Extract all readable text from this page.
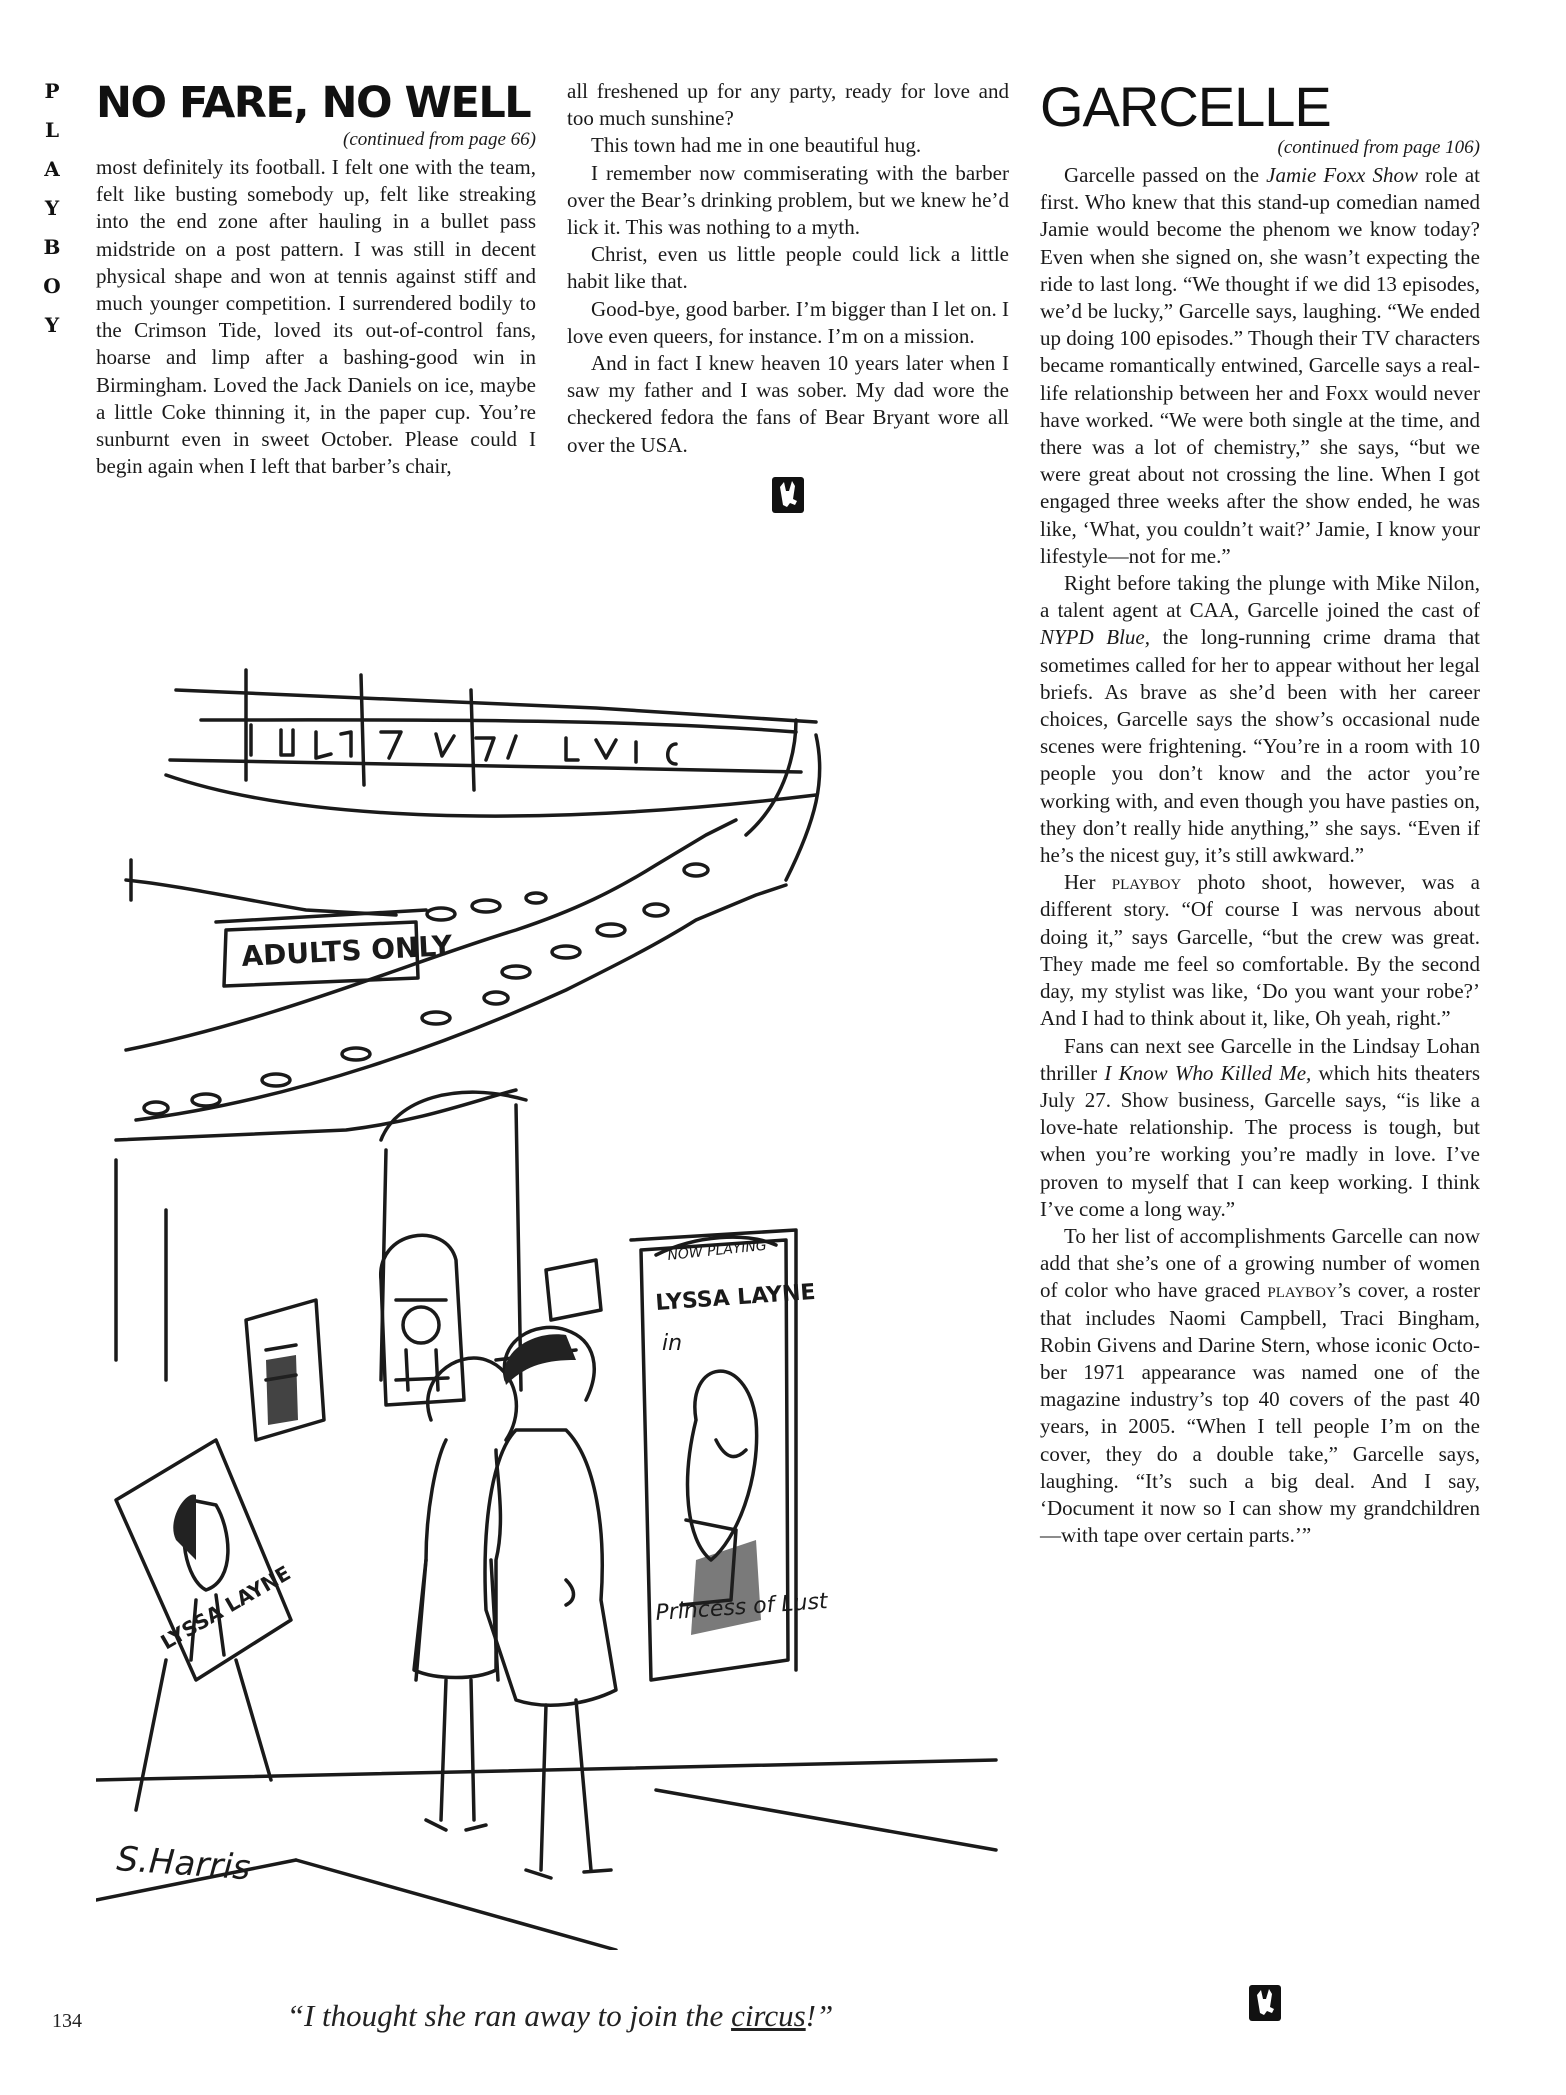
P
L
A
Y
B
O
Y
NO FARE, NO WELL
(continued from page 66)

most definitely its football. I felt one with the team, felt like busting somebody up, felt like streaking into the end zone after hauling in a bullet pass midstride on a post pattern. I was still in decent physical shape and won at tennis against stiff and much younger competition. I surrendered bodily to the Crimson Tide, loved its out-of-control fans, hoarse and limp after a bashing-good win in Birmingham. Loved the Jack Daniels on ice, maybe a little Coke thinning it, in the paper cup. You’re sunburnt even in sweet October. Please could I begin again when I left that barber’s chair,

all freshened up for any party, ready for love and too much sunshine?

This town had me in one beautiful hug.

I remember now commiserating with the barber over the Bear’s drinking problem, but we knew he’d lick it. This was nothing to a myth.

Christ, even us little people could lick a little habit like that.

Good-bye, good barber. I’m bigger than I let on. I love even queers, for instance. I’m on a mission.

And in fact I knew heaven 10 years later when I saw my father and I was sober. My dad wore the checkered fedora the fans of Bear Bryant wore all over the USA.

GARCELLE
(continued from page 106)

Garcelle passed on the Jamie Foxx Show role at first. Who knew that this stand-up comedian named Jamie would become the phenom we know today? Even when she signed on, she wasn’t expecting the ride to last long. “We thought if we did 13 episodes, we’d be lucky,” Garcelle says, laughing. “We ended up doing 100 episodes.” Though their TV characters became romantically entwined, Garcelle says a real-life relationship between her and Foxx would never have worked. “We were both single at the time, and there was a lot of chemistry,” she says, “but we were great about not crossing the line. When I got engaged three weeks after the show ended, he was like, ‘What, you couldn’t wait?’ Jamie, I know your lifestyle—not for me.”

Right before taking the plunge with Mike Nilon, a talent agent at CAA, Garcelle joined the cast of NYPD Blue, the long-running crime drama that sometimes called for her to appear without her legal briefs. As brave as she’d been with her career choices, Garcelle says the show’s occasional nude scenes were frightening. “You’re in a room with 10 people you don’t know and the actor you’re working with, and even though you have pasties on, they don’t really hide anything,” she says. “Even if he’s the nicest guy, it’s still awkward.”

Her playboy photo shoot, however, was a different story. “Of course I was nervous about doing it,” says Garcelle, “but the crew was great. They made me feel so comfortable. By the second day, my stylist was like, ‘Do you want your robe?’ And I had to think about it, like, Oh yeah, right.”

Fans can next see Garcelle in the Lindsay Lohan thriller I Know Who Killed Me, which hits theaters July 27. Show business, Garcelle says, “is like a love-hate relationship. The process is tough, but when you’re working you’re madly in love. I’ve proven to myself that I can keep working. I think I’ve come a long way.”

To her list of accomplishments Garcelle can now add that she’s one of a growing number of women of color who have graced playboy’s cover, a roster that includes Naomi Campbell, Traci Bingham, Robin Givens and Darine Stern, whose iconic October 1971 appearance was named one of the magazine industry’s top 40 covers of the past 40 years, in 2005. “When I tell people I’m on the cover, they do a double take,” Garcelle says, laughing. “It’s such a big deal. And I say, ‘Document it now so I can show my grandchildren—with tape over certain parts.’”

ADULTS ONLY
NOW PLAYING
LYSSA LAYNE
in
Princess of Lust
LYSSA LAYNE
S.Harris
134	“I thought she ran away to join the circus!”
